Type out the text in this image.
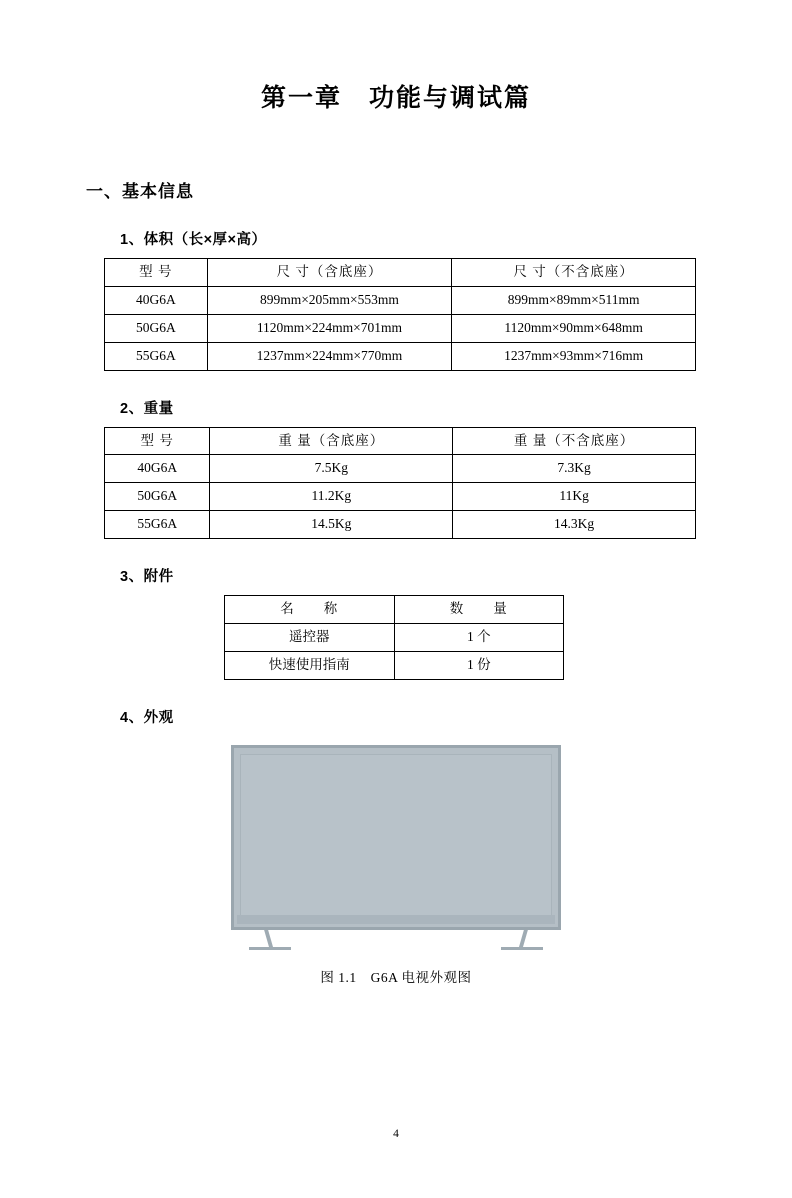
第一章　功能与调试篇
一、基本信息
1、体积（长×厚×高）
型 号	尺 寸（含底座）	尺 寸（不含底座）
40G6A	899mm×205mm×553mm	899mm×89mm×511mm
50G6A	1120mm×224mm×701mm	1120mm×90mm×648mm
55G6A	1237mm×224mm×770mm	1237mm×93mm×716mm
2、重量
型 号	重 量（含底座）	重 量（不含底座）
40G6A	7.5Kg	7.3Kg
50G6A	11.2Kg	11Kg
55G6A	14.5Kg	14.3Kg
3、附件
名　　称	数　　量
遥控器	1 个
快速使用指南	1 份
4、外观
图 1.1　G6A 电视外观图
4
